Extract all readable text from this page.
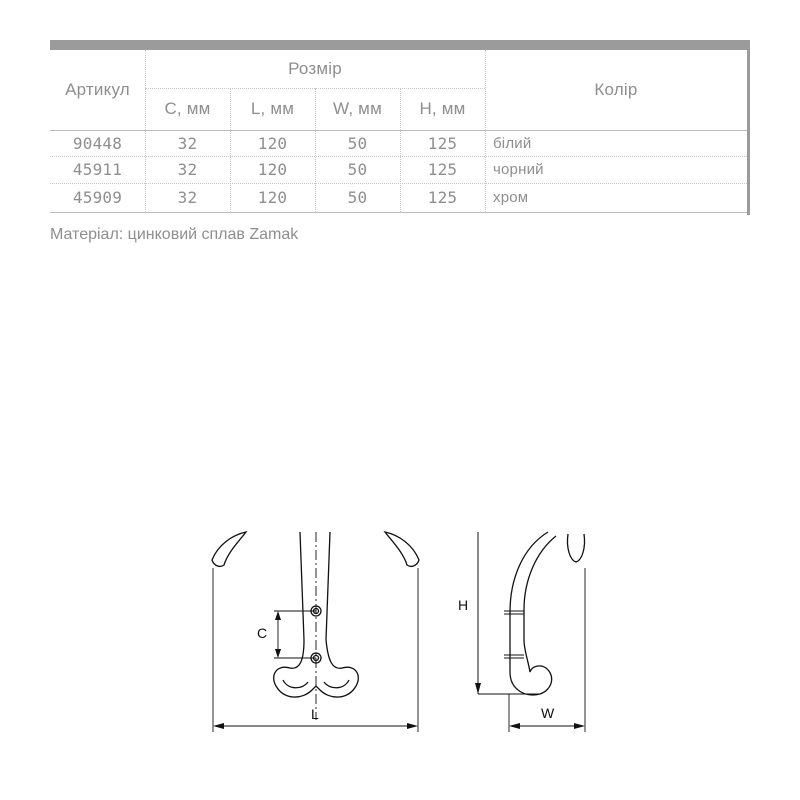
Артикул
Розмір
Колір
С, мм	L, мм	W, мм	Н, мм
90448	32	120	50	125	білий
45911	32	120	50	125	чорний
45909	32	120	50	125	хром
Матеріал: цинковий сплав Zamak
C
L
H
W
